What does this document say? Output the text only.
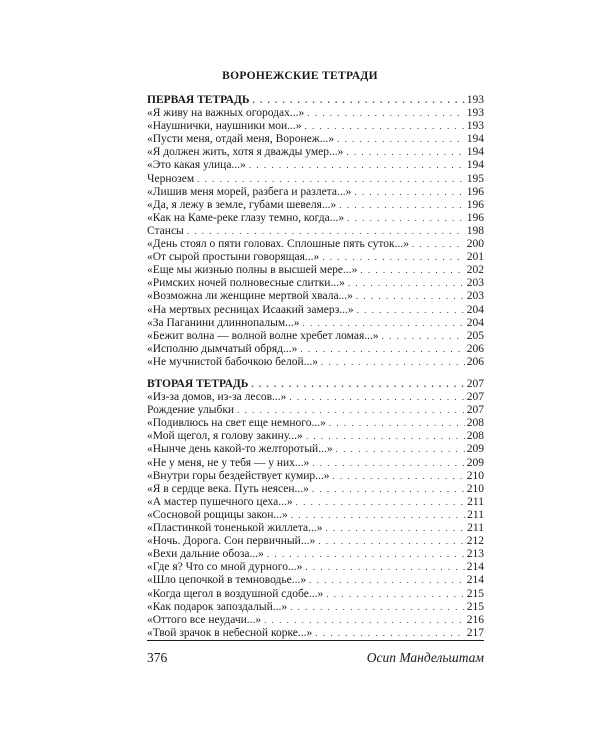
ВОРОНЕЖСКИЕ ТЕТРАДИ
ПЕРВАЯ ТЕТРАДЬ . . .	193
«Я живу на важных огородах...» . . .	193
«Наушнички, наушники мои...» . . .	193
«Пусти меня, отдай меня, Воронеж...» . . .	194
«Я должен жить, хотя я дважды умер...» . . .	194
«Это какая улица...» . . .	194
Чернозем . . .	195
«Лишив меня морей, разбега и разлета...» . . .	196
«Да, я лежу в земле, губами шевеля...» . . .	196
«Как на Каме-реке глазу темно, когда...» . . .	196
Стансы . . .	198
«День стоял о пяти головах. Сплошные пять суток...» . . .	200
«От сырой простыни говорящая...» . . .	201
«Еще мы жизнью полны в высшей мере...» . . .	202
«Римских ночей полновесные слитки...» . . .	203
«Возможна ли женщине мертвой хвала...» . . .	203
«На мертвых ресницах Исаакий замерз...» . . .	204
«За Паганини длиннопалым...» . . .	204
«Бежит волна — волной волне хребет ломая...» . . .	205
«Исполню дымчатый обряд...» . . .	206
«Не мучнистой бабочкою белой...» . . .	206
ВТОРАЯ ТЕТРАДЬ . . .	207
«Из-за домов, из-за лесов...» . . .	207
Рождение улыбки . . .	207
«Подивлюсь на свет еще немного...» . . .	208
«Мой щегол, я голову закину...» . . .	208
«Нынче день какой-то желторотый...» . . .	209
«Не у меня, не у тебя — у них...» . . .	209
«Внутри горы бездействует кумир...» . . .	210
«Я в сердце века. Путь неясен...» . . .	210
«А мастер пушечного цеха...» . . .	211
«Сосновой рощицы закон...» . . .	211
«Пластинкой тоненькой жиллета...» . . .	211
«Ночь. Дорога. Сон первичный...» . . .	212
«Вехи дальние обоза...» . . .	213
«Где я? Что со мной дурного...» . . .	214
«Шло цепочкой в темноводье...» . . .	214
«Когда щегол в воздушной сдобе...» . . .	215
«Как подарок запоздалый...» . . .	215
«Оттого все неудачи...» . . .	216
«Твой зрачок в небесной корке...» . . .	217
376	Осип Мандельштам
